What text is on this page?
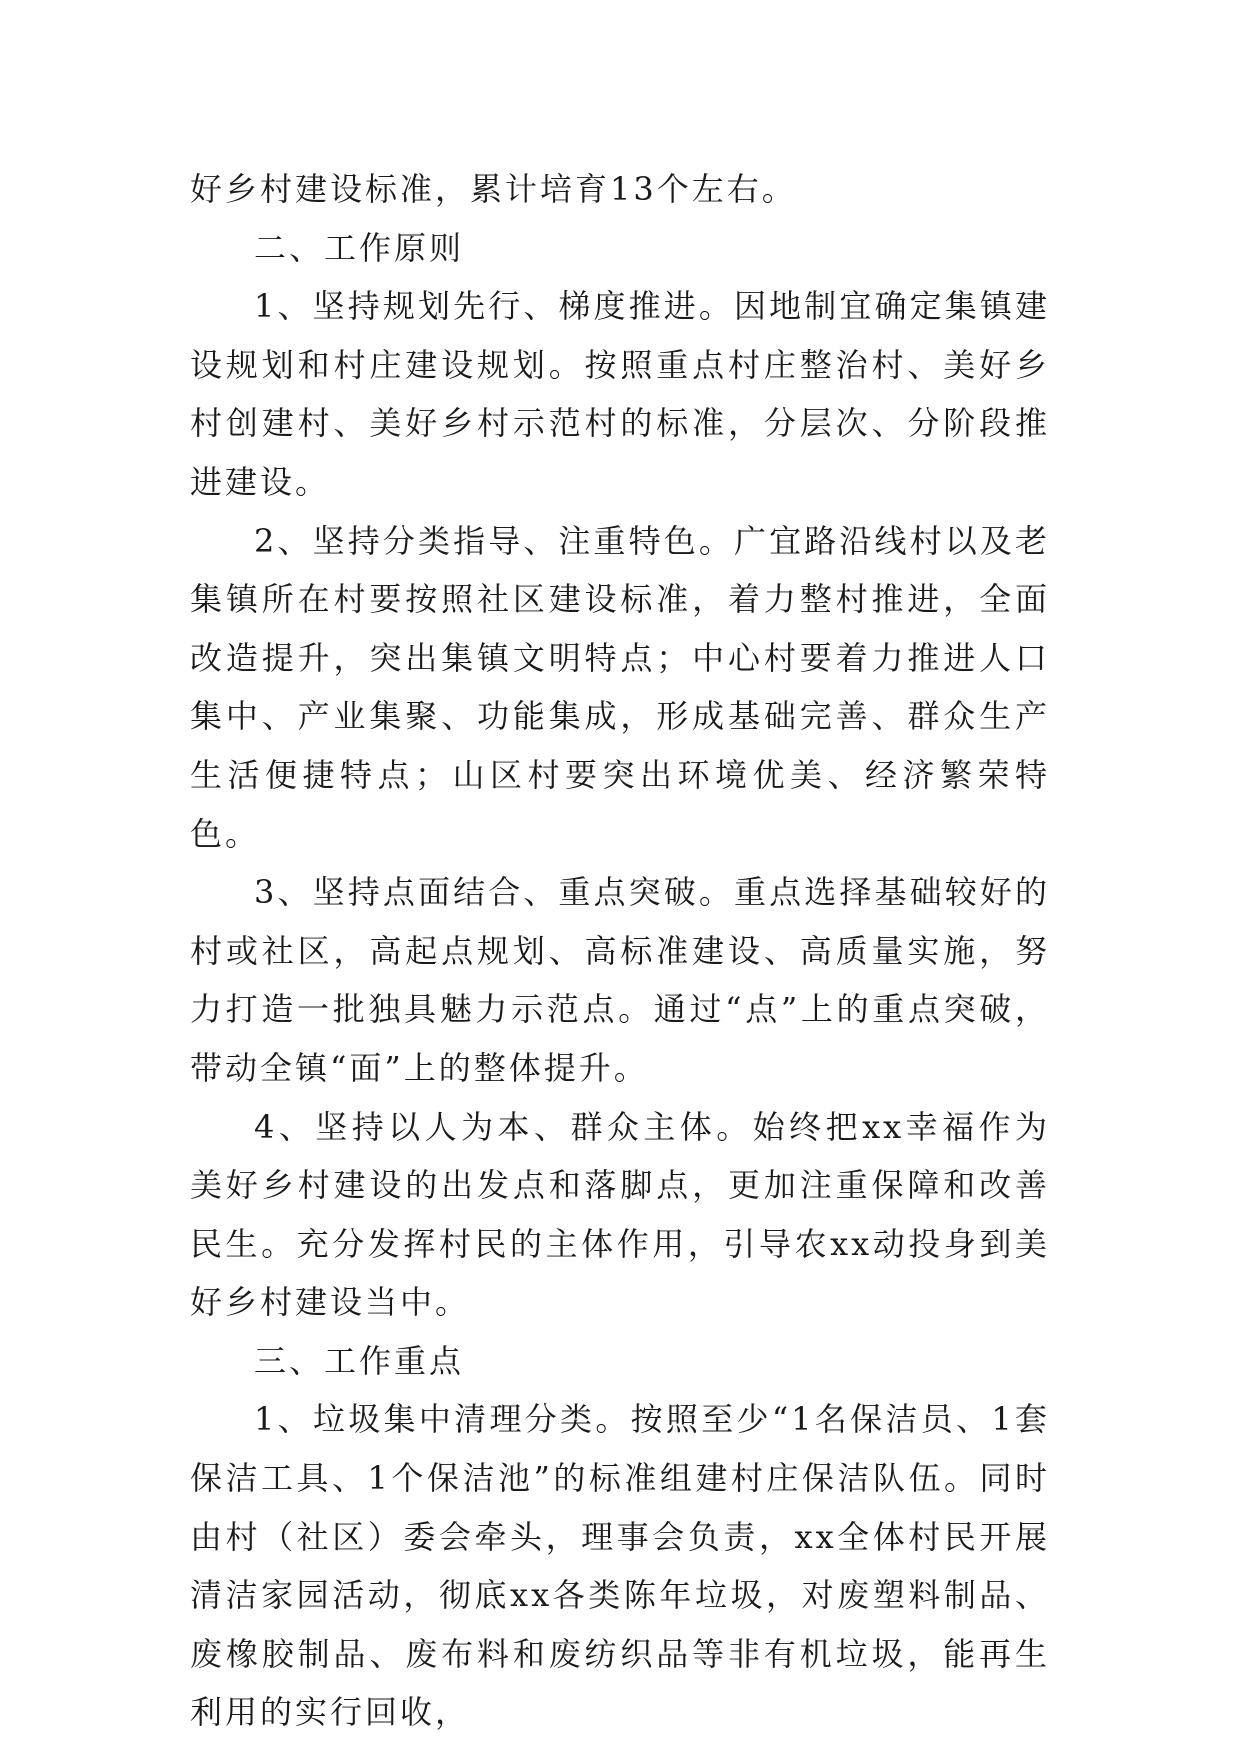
好乡村建设标准，累计培育13个左右。

二、工作原则

1、坚持规划先行、梯度推进。因地制宜确定集镇建设规划和村庄建设规划。按照重点村庄整治村、美好乡村创建村、美好乡村示范村的标准，分层次、分阶段推进建设。

2、坚持分类指导、注重特色。广宜路沿线村以及老集镇所在村要按照社区建设标准，着力整村推进，全面改造提升，突出集镇文明特点；中心村要着力推进人口集中、产业集聚、功能集成，形成基础完善、群众生产生活便捷特点；山区村要突出环境优美、经济繁荣特色。

3、坚持点面结合、重点突破。重点选择基础较好的村或社区，高起点规划、高标准建设、高质量实施，努力打造一批独具魅力示范点。通过“点”上的重点突破，带动全镇“面”上的整体提升。

4、坚持以人为本、群众主体。始终把xx幸福作为美好乡村建设的出发点和落脚点，更加注重保障和改善民生。充分发挥村民的主体作用，引导农xx动投身到美好乡村建设当中。

三、工作重点

1、垃圾集中清理分类。按照至少“1名保洁员、1套保洁工具、1个保洁池”的标准组建村庄保洁队伍。同时由村（社区）委会牵头，理事会负责，xx全体村民开展清洁家园活动，彻底xx各类陈年垃圾，对废塑料制品、废橡胶制品、废布料和废纺织品等非有机垃圾，能再生利用的实行回收，
